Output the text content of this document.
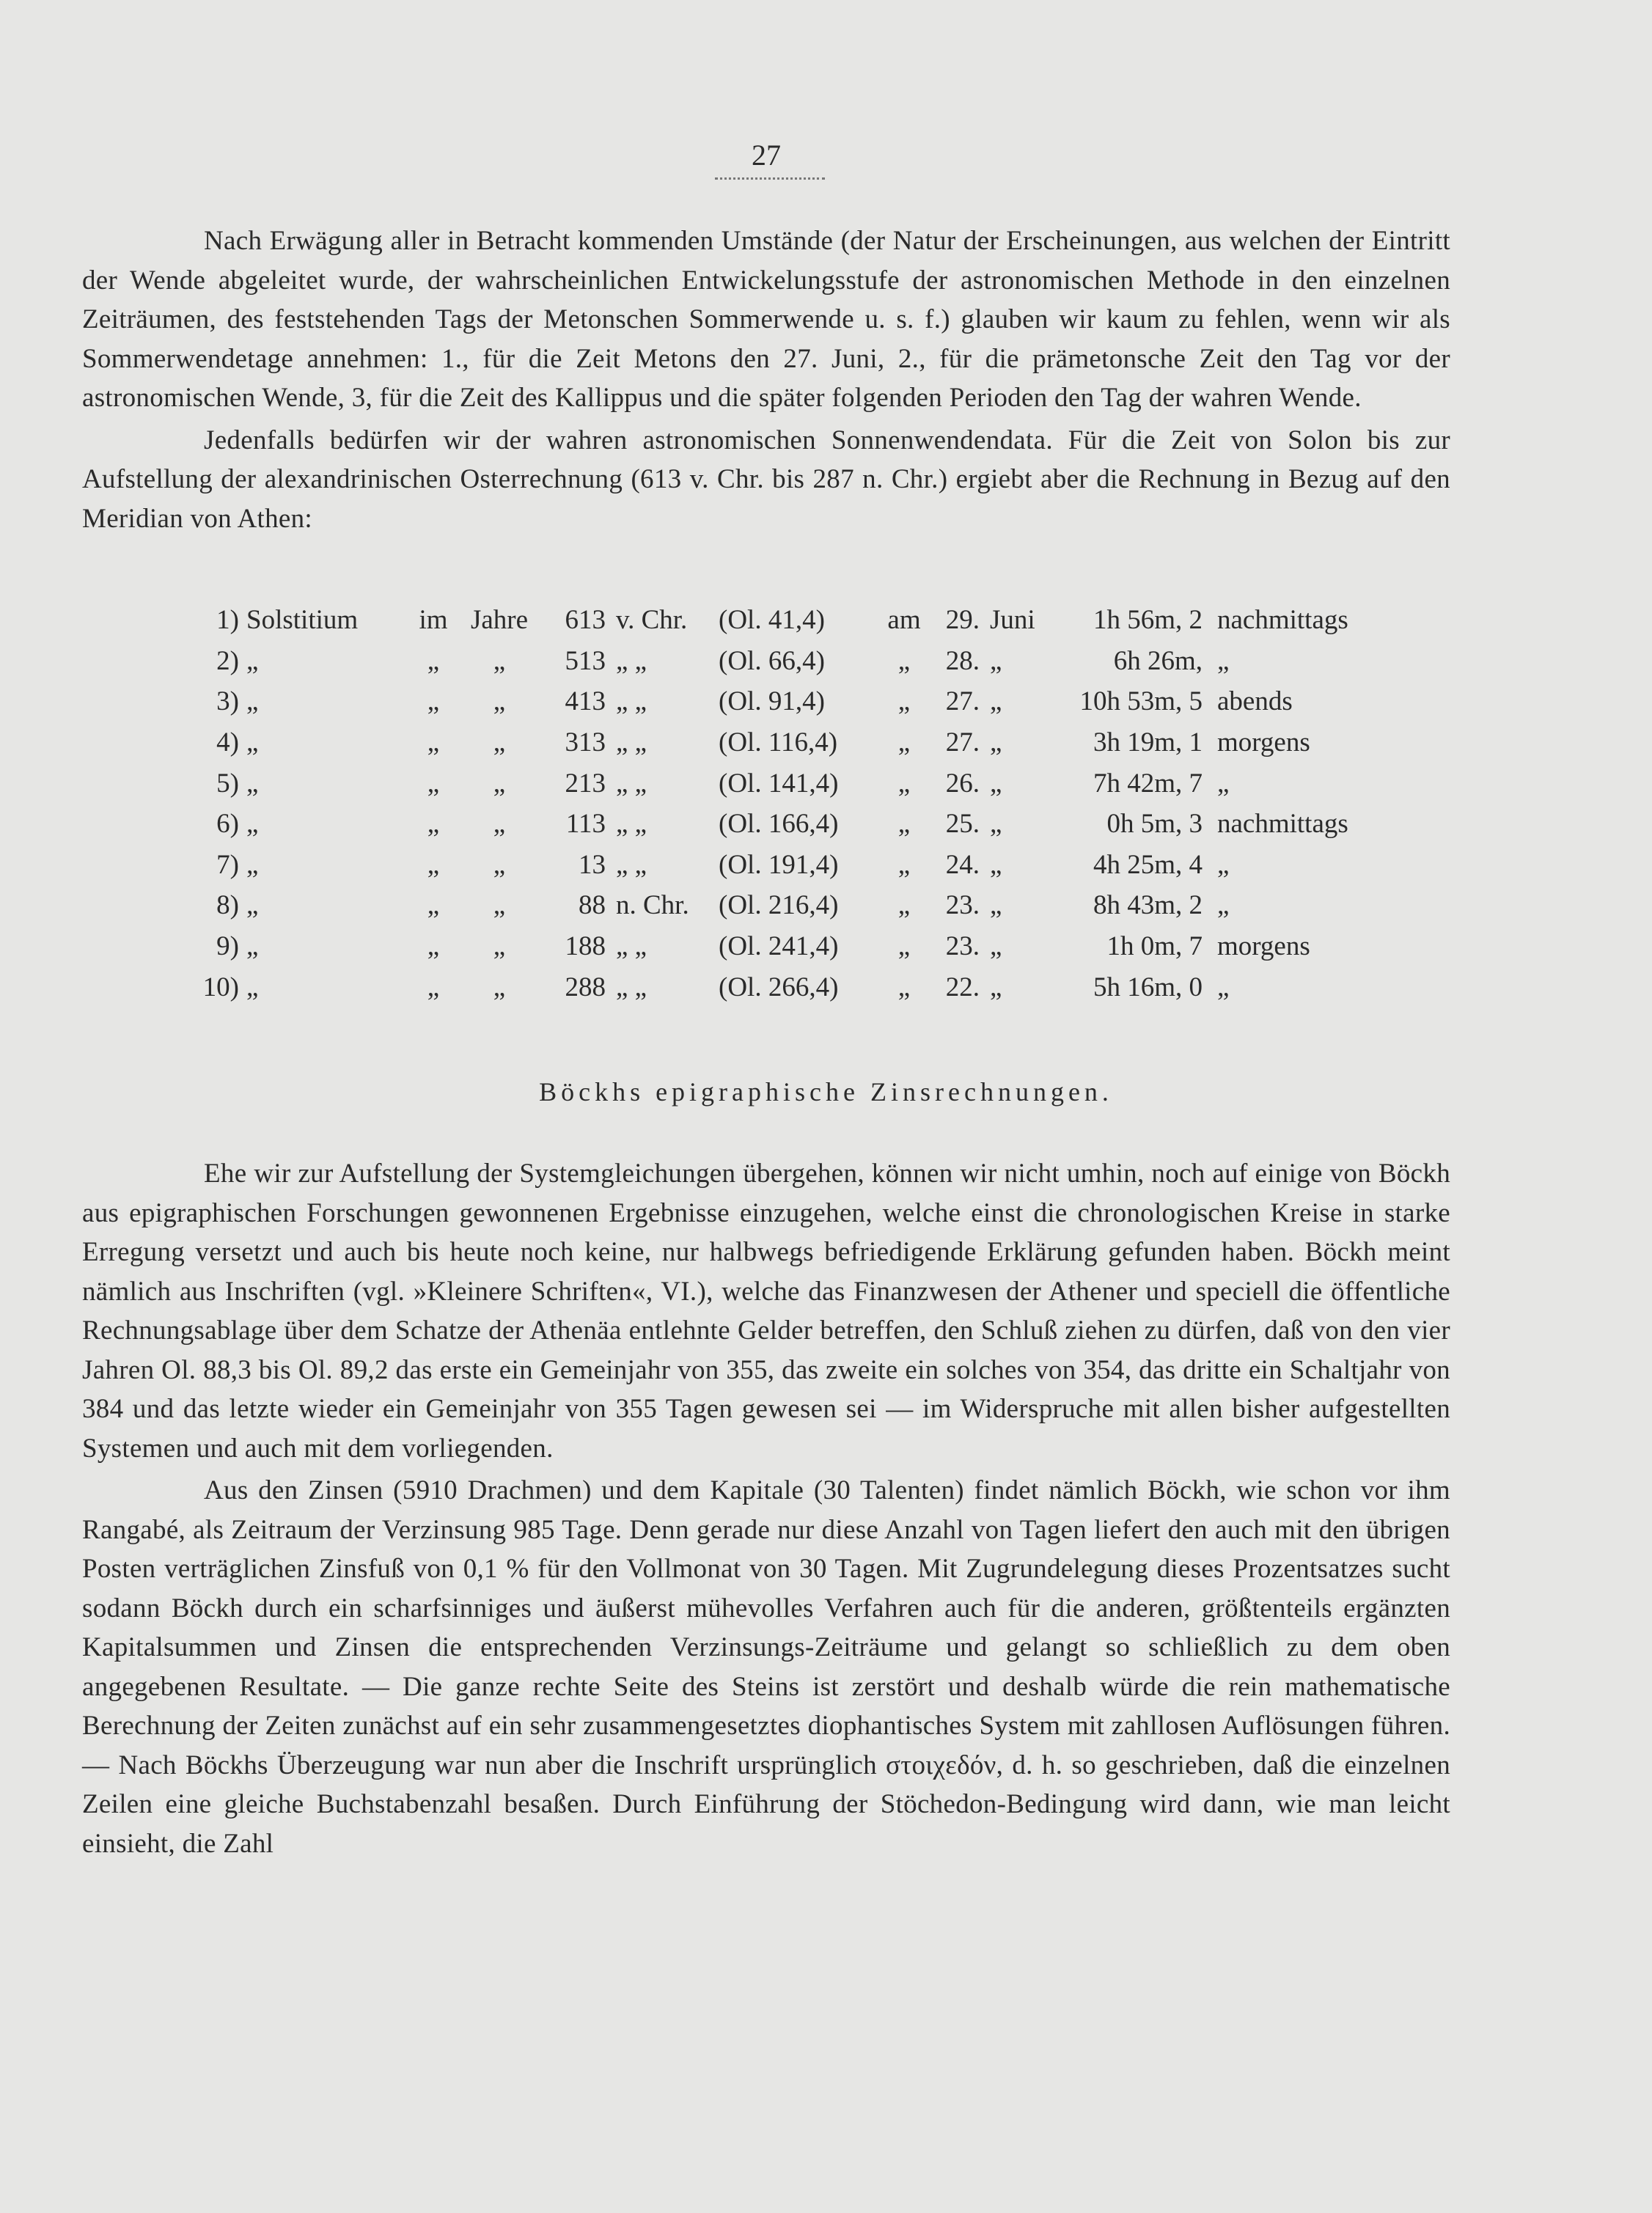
27

Nach Erwägung aller in Betracht kommenden Umstände (der Natur der Erscheinungen, aus welchen der Eintritt der Wende abgeleitet wurde, der wahrscheinlichen Entwickelungsstufe der astronomischen Methode in den einzelnen Zeiträumen, des feststehenden Tags der Metonschen Sommerwende u. s. f.) glauben wir kaum zu fehlen, wenn wir als Sommerwendetage annehmen: 1., für die Zeit Metons den 27. Juni, 2., für die prämetonsche Zeit den Tag vor der astronomischen Wende, 3, für die Zeit des Kallippus und die später folgenden Perioden den Tag der wahren Wende.

Jedenfalls bedürfen wir der wahren astronomischen Sonnenwendendata. Für die Zeit von Solon bis zur Aufstellung der alexandrinischen Osterrechnung (613 v. Chr. bis 287 n. Chr.) ergiebt aber die Rechnung in Bezug auf den Meridian von Athen:

1)	Solstitium	im	Jahre	613	v. Chr.	(Ol. 41,4)	am	29.	Juni	1h 56m, 2	nachmittags
2)	„	„	„	513	„ „	(Ol. 66,4)	„	28.	„	6h 26m,	„
3)	„	„	„	413	„ „	(Ol. 91,4)	„	27.	„	10h 53m, 5	abends
4)	„	„	„	313	„ „	(Ol. 116,4)	„	27.	„	3h 19m, 1	morgens
5)	„	„	„	213	„ „	(Ol. 141,4)	„	26.	„	7h 42m, 7	„
6)	„	„	„	113	„ „	(Ol. 166,4)	„	25.	„	0h 5m, 3	nachmittags
7)	„	„	„	13	„ „	(Ol. 191,4)	„	24.	„	4h 25m, 4	„
8)	„	„	„	88	n. Chr.	(Ol. 216,4)	„	23.	„	8h 43m, 2	„
9)	„	„	„	188	„ „	(Ol. 241,4)	„	23.	„	1h 0m, 7	morgens
10)	„	„	„	288	„ „	(Ol. 266,4)	„	22.	„	5h 16m, 0	„
Böckhs epigraphische Zinsrechnungen.

Ehe wir zur Aufstellung der Systemgleichungen übergehen, können wir nicht umhin, noch auf einige von Böckh aus epigraphischen Forschungen gewonnenen Ergebnisse einzugehen, welche einst die chronologischen Kreise in starke Erregung versetzt und auch bis heute noch keine, nur halbwegs befriedigende Erklärung gefunden haben. Böckh meint nämlich aus Inschriften (vgl. »Kleinere Schriften«, VI.), welche das Finanzwesen der Athener und speciell die öffentliche Rechnungsablage über dem Schatze der Athenäa entlehnte Gelder betreffen, den Schluß ziehen zu dürfen, daß von den vier Jahren Ol. 88,3 bis Ol. 89,2 das erste ein Gemeinjahr von 355, das zweite ein solches von 354, das dritte ein Schaltjahr von 384 und das letzte wieder ein Gemeinjahr von 355 Tagen gewesen sei — im Widerspruche mit allen bisher aufgestellten Systemen und auch mit dem vorliegenden.

Aus den Zinsen (5910 Drachmen) und dem Kapitale (30 Talenten) findet nämlich Böckh, wie schon vor ihm Rangabé, als Zeitraum der Verzinsung 985 Tage. Denn gerade nur diese Anzahl von Tagen liefert den auch mit den übrigen Posten verträglichen Zinsfuß von 0,1 % für den Vollmonat von 30 Tagen. Mit Zugrundelegung dieses Prozentsatzes sucht sodann Böckh durch ein scharfsinniges und äußerst mühevolles Verfahren auch für die anderen, größtenteils ergänzten Kapitalsummen und Zinsen die entsprechenden Verzinsungs-Zeiträume und gelangt so schließlich zu dem oben angegebenen Resultate. — Die ganze rechte Seite des Steins ist zerstört und deshalb würde die rein mathematische Berechnung der Zeiten zunächst auf ein sehr zusammengesetztes diophantisches System mit zahllosen Auflösungen führen. — Nach Böckhs Überzeugung war nun aber die Inschrift ursprünglich στοιχεδόν, d. h. so geschrieben, daß die einzelnen Zeilen eine gleiche Buchstabenzahl besaßen. Durch Einführung der Stöchedon-Bedingung wird dann, wie man leicht einsieht, die Zahl
